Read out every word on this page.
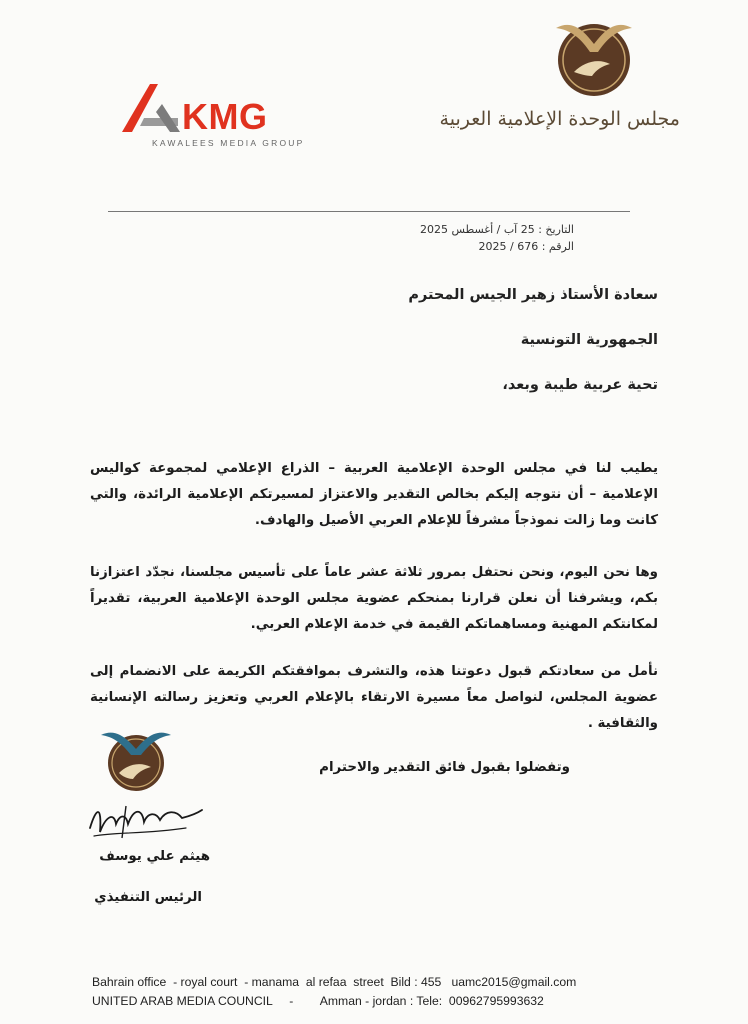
KMG
KAWALEES MEDIA GROUP
مجلس الوحدة الإعلامية العربية
التاريخ : 25 آب / أغسطس 2025
الرقم : 676 / 2025
سعادة الأستاذ زهير الجيس المحترم
الجمهورية التونسية
تحية عربية طيبة وبعد،
يطيب لنا في مجلس الوحدة الإعلامية العربية – الذراع الإعلامي لمجموعة كواليس الإعلامية – أن نتوجه إليكم بخالص التقدير والاعتزاز لمسيرتكم الإعلامية الرائدة، والتي كانت وما زالت نموذجاً مشرفاً للإعلام العربي الأصيل والهادف.
وها نحن اليوم، ونحن نحتفل بمرور ثلاثة عشر عاماً على تأسيس مجلسنا، نجدّد اعتزازنا بكم، ويشرفنا أن نعلن قرارنا بمنحكم عضوية مجلس الوحدة الإعلامية العربية، تقديراً لمكانتكم المهنية ومساهماتكم القيمة في خدمة الإعلام العربي.
نأمل من سعادتكم قبول دعوتنا هذه، والتشرف بموافقتكم الكريمة على الانضمام إلى عضوية المجلس، لنواصل معاً مسيرة الارتقاء بالإعلام العربي وتعزيز رسالته الإنسانية والثقافية .
وتفضلوا بقبول فائق التقدير والاحترام
هيثم علي يوسف
الرئيس التنفيذي
Bahrain office  - royal court  - manama  al refaa  street  Bild : 455   uamc2015@gmail.com
UNITED ARAB MEDIA COUNCIL     -        Amman - jordan : Tele:  00962795993632
